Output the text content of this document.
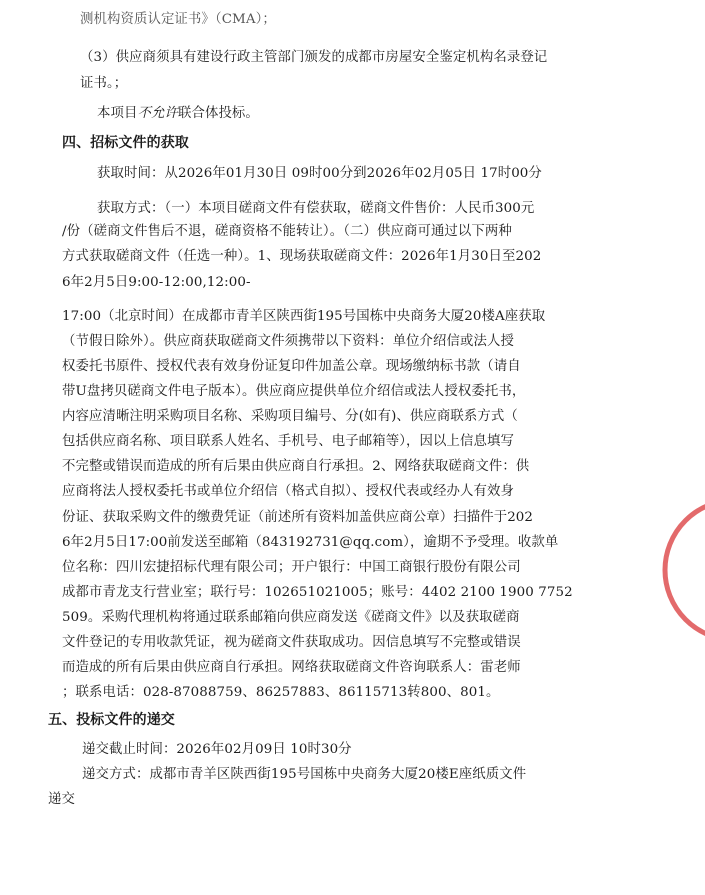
测机构资质认定证书》（CMA）；
（3）供应商须具有建设行政主管部门颁发的成都市房屋安全鉴定机构名录登记
证书。；
本项目不允许联合体投标。
四、招标文件的获取
获取时间：从2026年01月30日 09时00分到2026年02月05日 17时00分
获取方式：（一）本项目磋商文件有偿获取，磋商文件售价：人民币300元
/份（磋商文件售后不退，磋商资格不能转让）。（二）供应商可通过以下两种
方式获取磋商文件（任选一种）。1、现场获取磋商文件：2026年1月30日至202
6年2月5日9:00-12:00,12:00-
17:00（北京时间）在成都市青羊区陕西街195号国栋中央商务大厦20楼A座获取
（节假日除外）。供应商获取磋商文件须携带以下资料：单位介绍信或法人授
权委托书原件、授权代表有效身份证复印件加盖公章。现场缴纳标书款（请自
带U盘拷贝磋商文件电子版本）。供应商应提供单位介绍信或法人授权委托书，
内容应清晰注明采购项目名称、采购项目编号、分(如有)、供应商联系方式（
包括供应商名称、项目联系人姓名、手机号、电子邮箱等），因以上信息填写
不完整或错误而造成的所有后果由供应商自行承担。2、网络获取磋商文件：供
应商将法人授权委托书或单位介绍信（格式自拟）、授权代表或经办人有效身
份证、获取采购文件的缴费凭证（前述所有资料加盖供应商公章）扫描件于202
6年2月5日17:00前发送至邮箱（843192731@qq.com），逾期不予受理。收款单
位名称：四川宏捷招标代理有限公司；开户银行：中国工商银行股份有限公司
成都市青龙支行营业室；联行号：102651021005；账号：4402 2100 1900 7752
509。采购代理机构将通过联系邮箱向供应商发送《磋商文件》以及获取磋商
文件登记的专用收款凭证，视为磋商文件获取成功。因信息填写不完整或错误
而造成的所有后果由供应商自行承担。网络获取磋商文件咨询联系人：雷老师
；联系电话：028-87088759、86257883、86115713转800、801。
五、投标文件的递交
递交截止时间：2026年02月09日 10时30分
递交方式：成都市青羊区陕西街195号国栋中央商务大厦20楼E座纸质文件
递交
